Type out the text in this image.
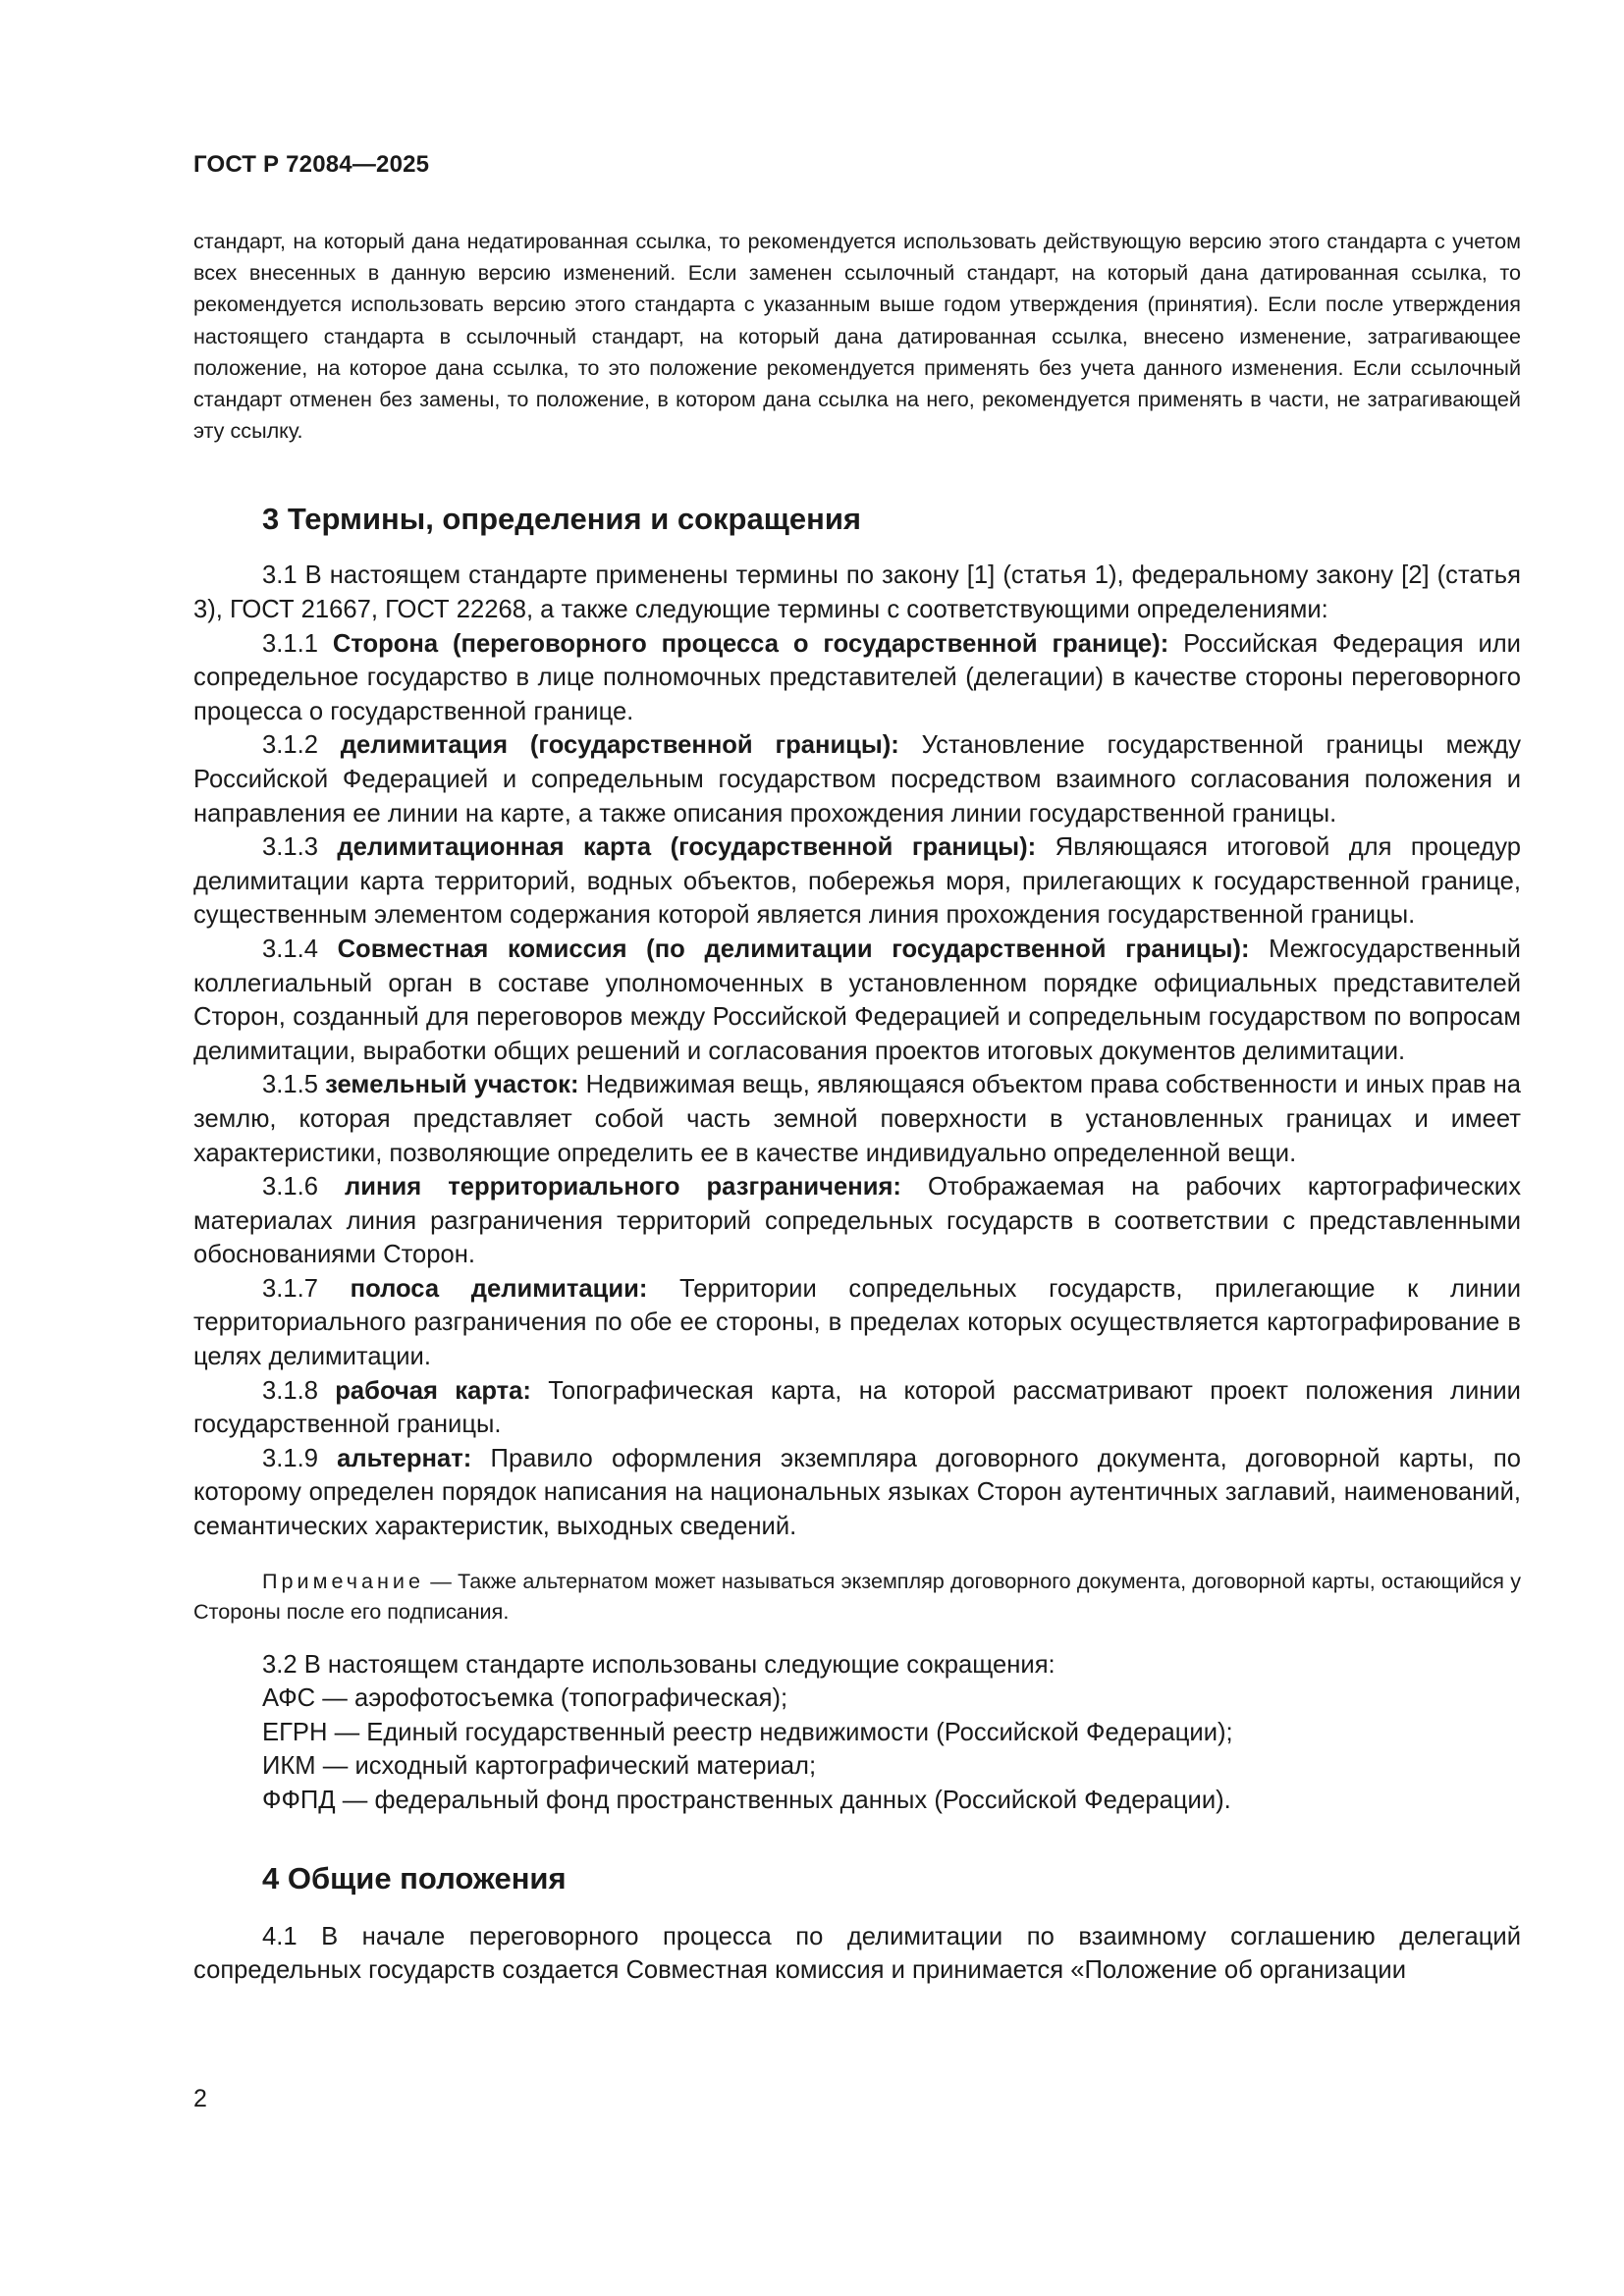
ГОСТ Р 72084—2025

стандарт, на который дана недатированная ссылка, то рекомендуется использовать действующую версию этого стандарта с учетом всех внесенных в данную версию изменений. Если заменен ссылочный стандарт, на который дана датированная ссылка, то рекомендуется использовать версию этого стандарта с указанным выше годом утверждения (принятия). Если после утверждения настоящего стандарта в ссылочный стандарт, на который дана датированная ссылка, внесено изменение, затрагивающее положение, на которое дана ссылка, то это положение рекомендуется применять без учета данного изменения. Если ссылочный стандарт отменен без замены, то положение, в котором дана ссылка на него, рекомендуется применять в части, не затрагивающей эту ссылку.

3 Термины, определения и сокращения

3.1 В настоящем стандарте применены термины по закону [1] (статья 1), федеральному закону [2] (статья 3), ГОСТ 21667, ГОСТ 22268, а также следующие термины с соответствующими определениями:

3.1.1 Сторона (переговорного процесса о государственной границе): Российская Федерация или сопредельное государство в лице полномочных представителей (делегации) в качестве стороны переговорного процесса о государственной границе.

3.1.2 делимитация (государственной границы): Установление государственной границы между Российской Федерацией и сопредельным государством посредством взаимного согласования положения и направления ее линии на карте, а также описания прохождения линии государственной границы.

3.1.3 делимитационная карта (государственной границы): Являющаяся итоговой для процедур делимитации карта территорий, водных объектов, побережья моря, прилегающих к государственной границе, существенным элементом содержания которой является линия прохождения государственной границы.

3.1.4 Совместная комиссия (по делимитации государственной границы): Межгосударственный коллегиальный орган в составе уполномоченных в установленном порядке официальных представителей Сторон, созданный для переговоров между Российской Федерацией и сопредельным государством по вопросам делимитации, выработки общих решений и согласования проектов итоговых документов делимитации.

3.1.5 земельный участок: Недвижимая вещь, являющаяся объектом права собственности и иных прав на землю, которая представляет собой часть земной поверхности в установленных границах и имеет характеристики, позволяющие определить ее в качестве индивидуально определенной вещи.

3.1.6 линия территориального разграничения: Отображаемая на рабочих картографических материалах линия разграничения территорий сопредельных государств в соответствии с представленными обоснованиями Сторон.

3.1.7 полоса делимитации: Территории сопредельных государств, прилегающие к линии территориального разграничения по обе ее стороны, в пределах которых осуществляется картографирование в целях делимитации.

3.1.8 рабочая карта: Топографическая карта, на которой рассматривают проект положения линии государственной границы.

3.1.9 альтернат: Правило оформления экземпляра договорного документа, договорной карты, по которому определен порядок написания на национальных языках Сторон аутентичных заглавий, наименований, семантических характеристик, выходных сведений.

Примечание — Также альтернатом может называться экземпляр договорного документа, договорной карты, остающийся у Стороны после его подписания.

3.2 В настоящем стандарте использованы следующие сокращения:

АФС — аэрофотосъемка (топографическая);
ЕГРН — Единый государственный реестр недвижимости (Российской Федерации);
ИКМ — исходный картографический материал;
ФФПД — федеральный фонд пространственных данных (Российской Федерации).
4 Общие положения

4.1 В начале переговорного процесса по делимитации по взаимному соглашению делегаций сопредельных государств создается Совместная комиссия и принимается «Положение об организации

2
